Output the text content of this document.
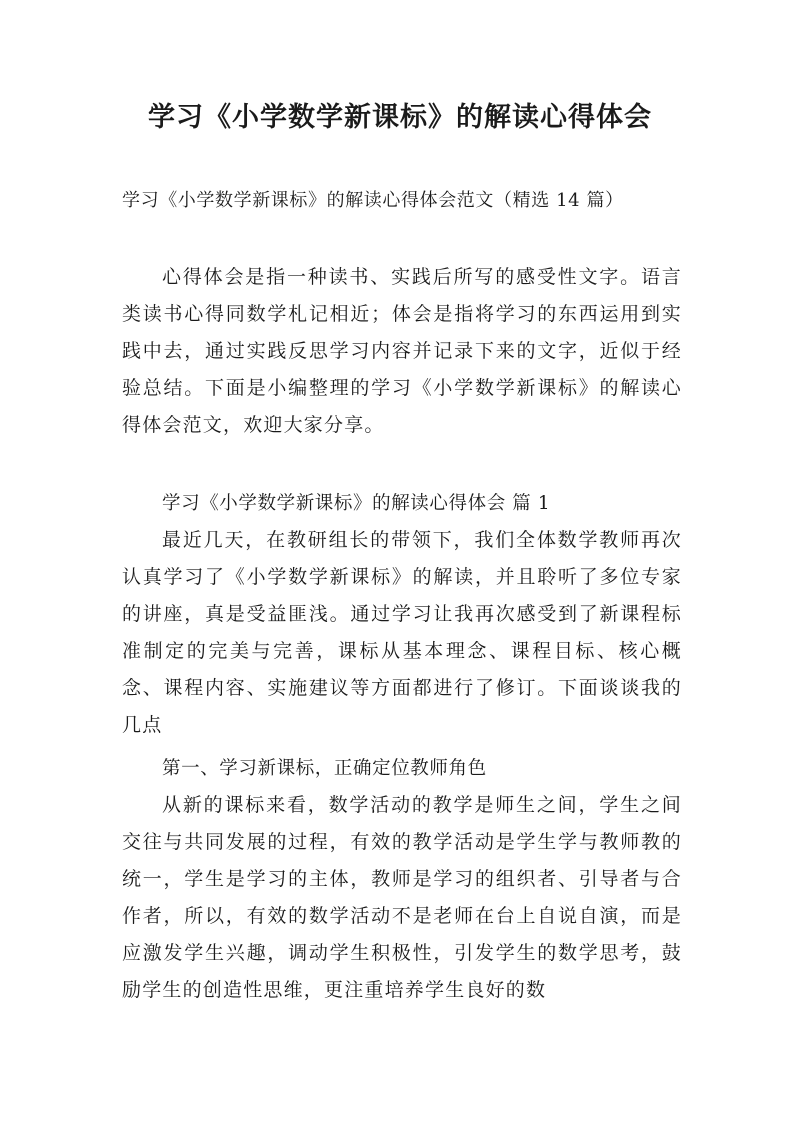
学习《小学数学新课标》的解读心得体会

学习《小学数学新课标》的解读心得体会范文（精选 14 篇）

心得体会是指一种读书、实践后所写的感受性文字。语言类读书心得同数学札记相近；体会是指将学习的东西运用到实践中去，通过实践反思学习内容并记录下来的文字，近似于经验总结。下面是小编整理的学习《小学数学新课标》的解读心得体会范文，欢迎大家分享。

学习《小学数学新课标》的解读心得体会 篇 1

最近几天，在教研组长的带领下，我们全体数学教师再次认真学习了《小学数学新课标》的解读，并且聆听了多位专家的讲座，真是受益匪浅。通过学习让我再次感受到了新课程标准制定的完美与完善，课标从基本理念、课程目标、核心概念、课程内容、实施建议等方面都进行了修订。下面谈谈我的几点

第一、学习新课标，正确定位教师角色

从新的课标来看，数学活动的教学是师生之间，学生之间交往与共同发展的过程，有效的教学活动是学生学与教师教的统一，学生是学习的主体，教师是学习的组织者、引导者与合作者，所以，有效的数学活动不是老师在台上自说自演，而是应激发学生兴趣，调动学生积极性，引发学生的数学思考，鼓励学生的创造性思维，更注重培养学生良好的数
